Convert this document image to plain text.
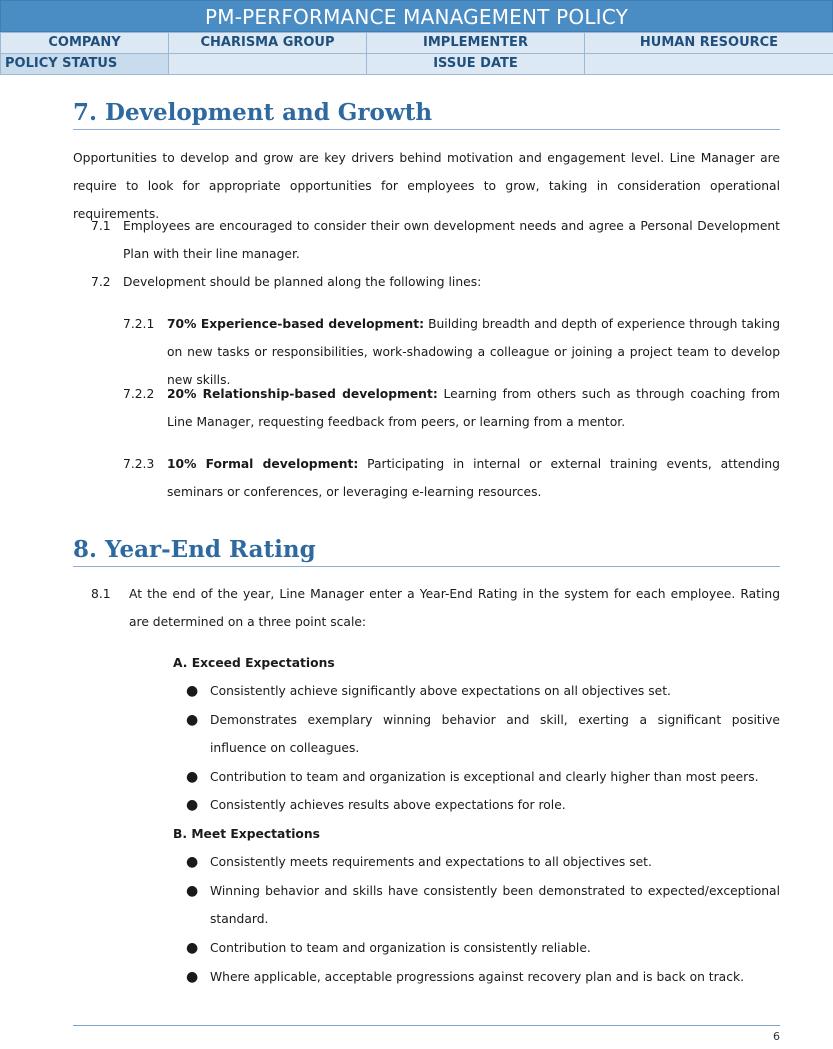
PM-PERFORMANCE MANAGEMENT POLICY
COMPANY	CHARISMA GROUP	IMPLEMENTER	HUMAN RESOURCE
POLICY STATUS		ISSUE DATE	
7. Development and Growth
Opportunities to develop and grow are key drivers behind motivation and engagement level. Line Manager are require to look for appropriate opportunities for employees to grow, taking in consideration operational requirements.
7.1 Employees are encouraged to consider their own development needs and agree a Personal Development Plan with their line manager.
7.2 Development should be planned along the following lines:
7.2.1 70% Experience-based development: Building breadth and depth of experience through taking on new tasks or responsibilities, work-shadowing a colleague or joining a project team to develop new skills.
7.2.2 20% Relationship-based development: Learning from others such as through coaching from Line Manager, requesting feedback from peers, or learning from a mentor.
7.2.3 10% Formal development: Participating in internal or external training events, attending seminars or conferences, or leveraging e-learning resources.
8. Year-End Rating
8.1 At the end of the year, Line Manager enter a Year-End Rating in the system for each employee. Rating are determined on a three point scale:
A. Exceed Expectations
● Consistently achieve significantly above expectations on all objectives set.
● Demonstrates exemplary winning behavior and skill, exerting a significant positive influence on colleagues.
● Contribution to team and organization is exceptional and clearly higher than most peers.
● Consistently achieves results above expectations for role.
B. Meet Expectations
● Consistently meets requirements and expectations to all objectives set.
● Winning behavior and skills have consistently been demonstrated to expected/exceptional standard.
● Contribution to team and organization is consistently reliable.
● Where applicable, acceptable progressions against recovery plan and is back on track.
6
